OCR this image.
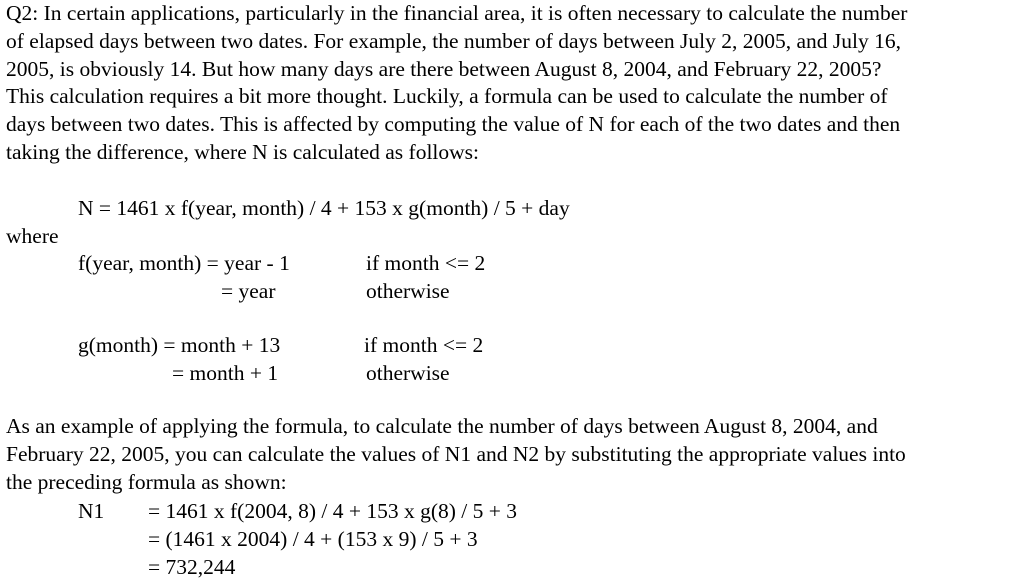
Q2: In certain applications, particularly in the financial area, it is often necessary to calculate the number
of elapsed days between two dates. For example, the number of days between July 2, 2005, and July 16,
2005, is obviously 14. But how many days are there between August 8, 2004, and February 22, 2005?
This calculation requires a bit more thought. Luckily, a formula can be used to calculate the number of
days between two dates. This is affected by computing the value of N for each of the two dates and then
taking the difference, where N is calculated as follows:
N = 1461 x f(year, month) / 4 + 153 x g(month) / 5 + day
where
f(year, month) = year - 1	if month <= 2
= year	otherwise
g(month) = month + 13	if month <= 2
= month + 1	otherwise
As an example of applying the formula, to calculate the number of days between August 8, 2004, and
February 22, 2005, you can calculate the values of N1 and N2 by substituting the appropriate values into
the preceding formula as shown:
N1 = 1461 x f(2004, 8) / 4 + 153 x g(8) / 5 + 3
= (1461 x 2004) / 4 + (153 x 9) / 5 + 3
= 732,244
